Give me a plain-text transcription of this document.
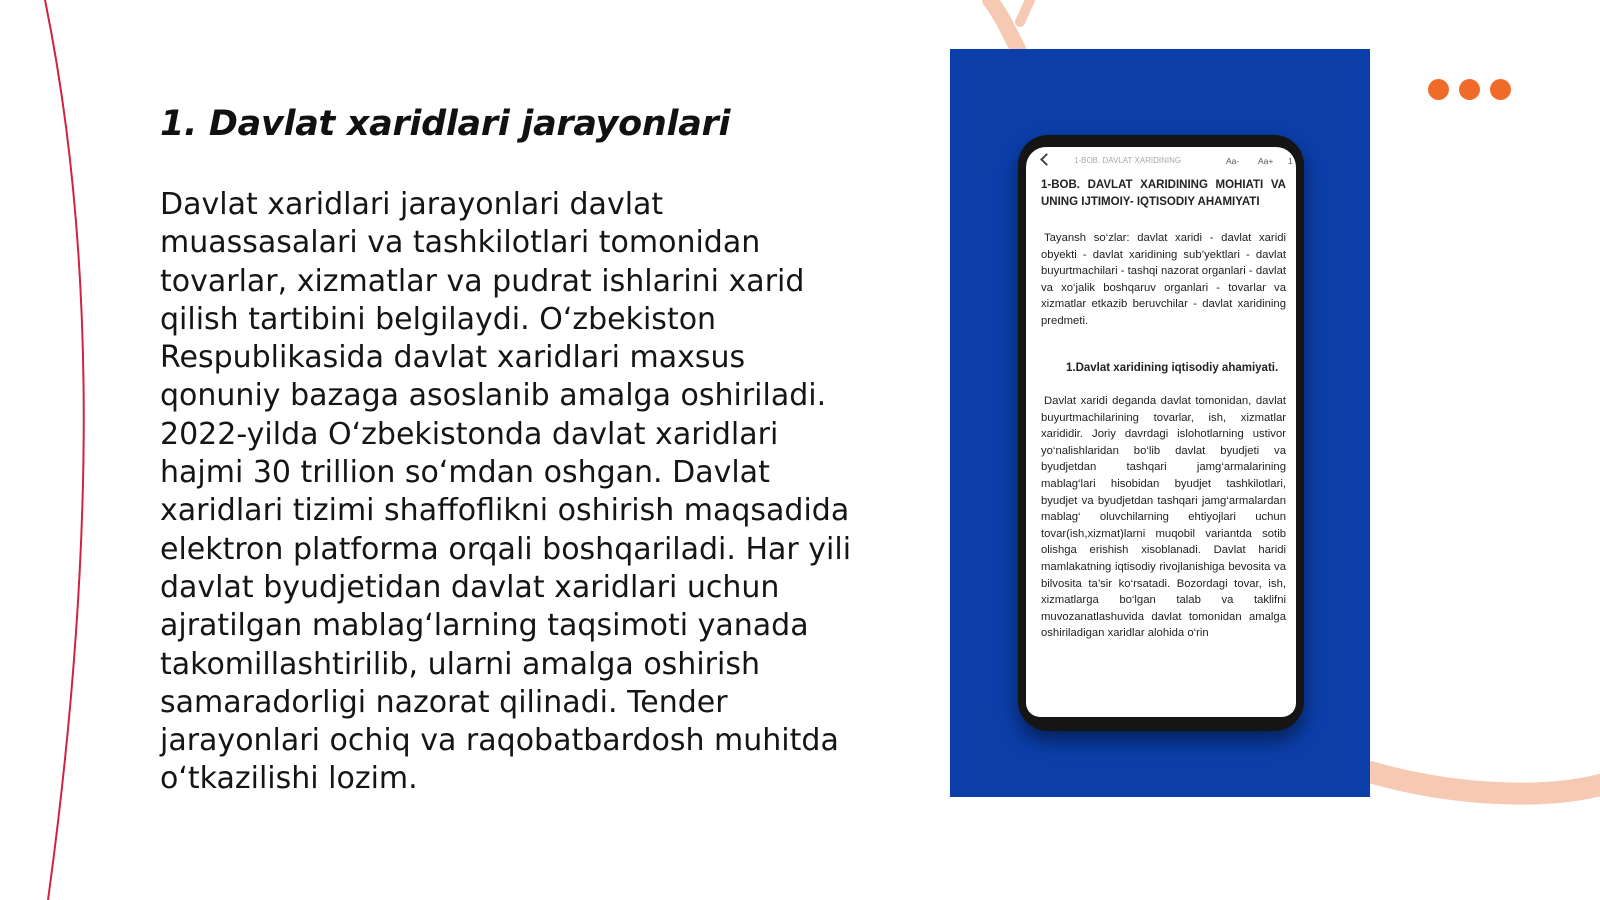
1. Davlat xaridlari jarayonlari

Davlat xaridlari jarayonlari davlat muassasalari va tashkilotlari tomonidan tovarlar, xizmatlar va pudrat ishlarini xarid qilish tartibini belgilaydi. O‘zbekiston Respublikasida davlat xaridlari maxsus qonuniy bazaga asoslanib amalga oshiriladi. 2022-yilda O‘zbekistonda davlat xaridlari hajmi 30 trillion so‘mdan oshgan. Davlat xaridlari tizimi shaffoflikni oshirish maqsadida elektron platforma orqali boshqariladi. Har yili davlat byudjetidan davlat xaridlari uchun ajratilgan mablag‘larning taqsimoti yanada takomillashtirilib, ularni amalga oshirish samaradorligi nazorat qilinadi. Tender jarayonlari ochiq va raqobatbardosh muhitda o‘tkazilishi lozim.

1-BOB. DAVLAT XARIDINING	Aa- Aa+ 1

1-BOB. DAVLAT XARIDINING MOHIATI VA UNING IJTIMOIY- IQTISODIY AHAMIYATI

Tayansh so‘zlar: davlat xaridi - davlat xaridi obyekti - davlat xaridining sub’yektlari - davlat buyurtmachilari - tashqi nazorat organlari - davlat va xo‘jalik boshqaruv organlari - tovarlar va xizmatlar etkazib beruvchilar - davlat xaridining predmeti.

1.Davlat xaridining iqtisodiy ahamiyati.

Davlat xaridi deganda davlat tomonidan, davlat buyurtmachilarining tovarlar, ish, xizmatlar xarididir. Joriy davrdagi islohotlarning ustivor yo‘nalishlaridan bo‘lib davlat byudjeti va byudjetdan tashqari jamg‘armalarining mablag‘lari hisobidan byudjet tashkilotlari, byudjet va byudjetdan tashqari jamg‘armalardan mablag‘ oluvchilarning ehtiyojlari uchun tovar(ish,xizmat)larni muqobil variantda sotib olishga erishish xisoblanadi. Davlat haridi mamlakatning iqtisodiy rivojlanishiga bevosita va bilvosita ta’sir ko‘rsatadi. Bozordagi tovar, ish, xizmatlarga bo‘lgan talab va taklifni muvozanatlashuvida davlat tomonidan amalga oshiriladigan xaridlar alohida o‘rin
